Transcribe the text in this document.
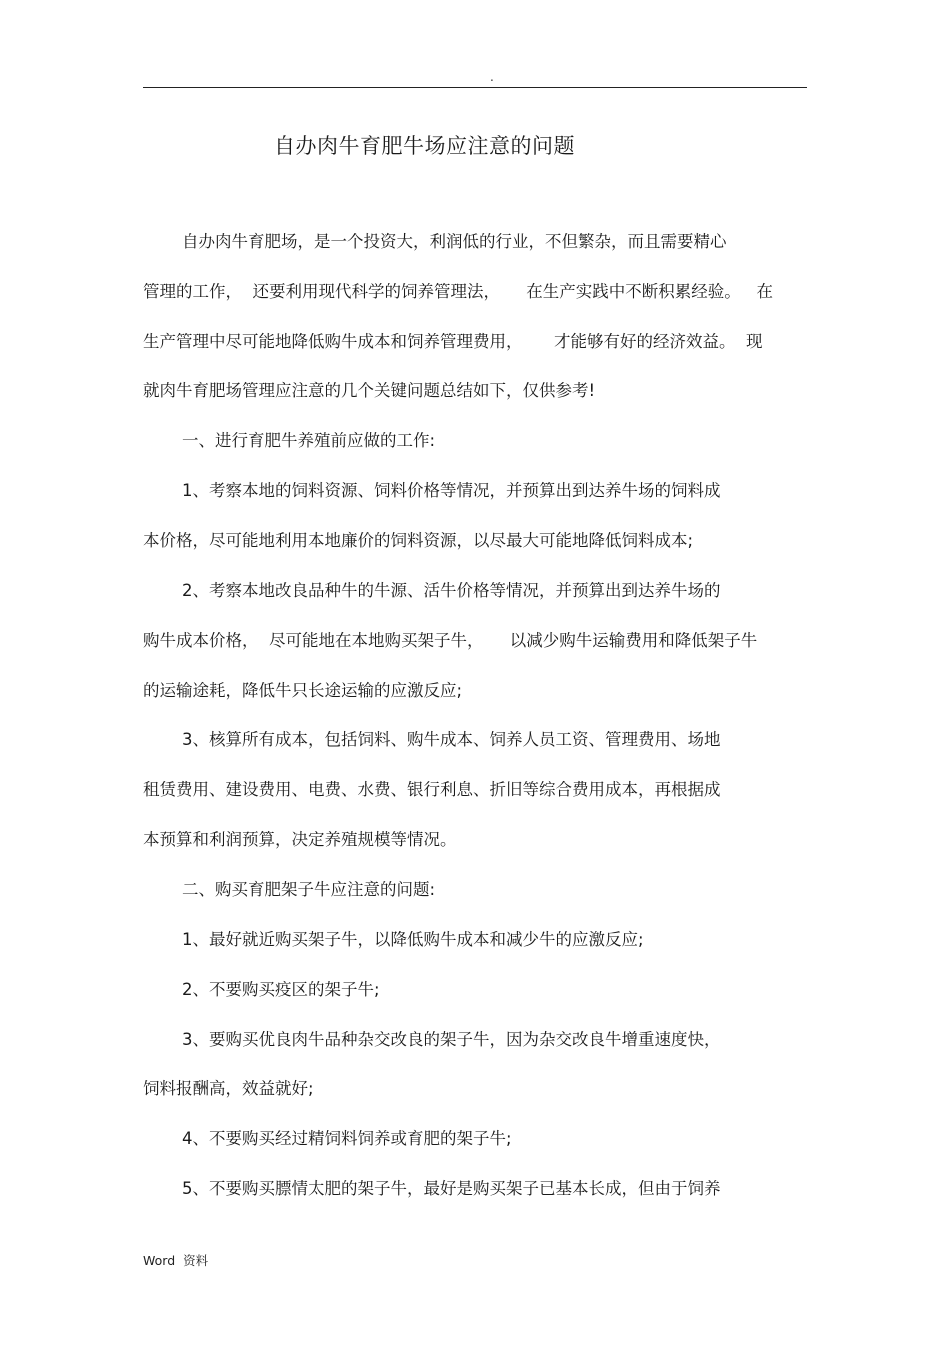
.
自办肉牛育肥牛场应注意的问题
自办肉牛育肥场，是一个投资大，利润低的行业，不但繁杂，而且需要精心
管理的工作，  还要利用现代科学的饲养管理法，     在生产实践中不断积累经验。   在
生产管理中尽可能地降低购牛成本和饲养管理费用，      才能够有好的经济效益。  现
就肉牛育肥场管理应注意的几个关键问题总结如下，仅供参考!
一、进行育肥牛养殖前应做的工作:
1、考察本地的饲料资源、饲料价格等情况，并预算出到达养牛场的饲料成
本价格，尽可能地利用本地廉价的饲料资源，以尽最大可能地降低饲料成本;
2、考察本地改良品种牛的牛源、活牛价格等情况，并预算出到达养牛场的
购牛成本价格，  尽可能地在本地购买架子牛，     以减少购牛运输费用和降低架子牛
的运输途耗，降低牛只长途运输的应激反应;
3、核算所有成本，包括饲料、购牛成本、饲养人员工资、管理费用、场地
租赁费用、建设费用、电费、水费、银行利息、折旧等综合费用成本，再根据成
本预算和利润预算，决定养殖规模等情况。
二、购买育肥架子牛应注意的问题:
1、最好就近购买架子牛，以降低购牛成本和减少牛的应激反应;
2、不要购买疫区的架子牛;
3、要购买优良肉牛品种杂交改良的架子牛，因为杂交改良牛增重速度快，
饲料报酬高，效益就好;
4、不要购买经过精饲料饲养或育肥的架子牛;
5、不要购买膘情太肥的架子牛，最好是购买架子已基本长成，但由于饲养
Word  资料
